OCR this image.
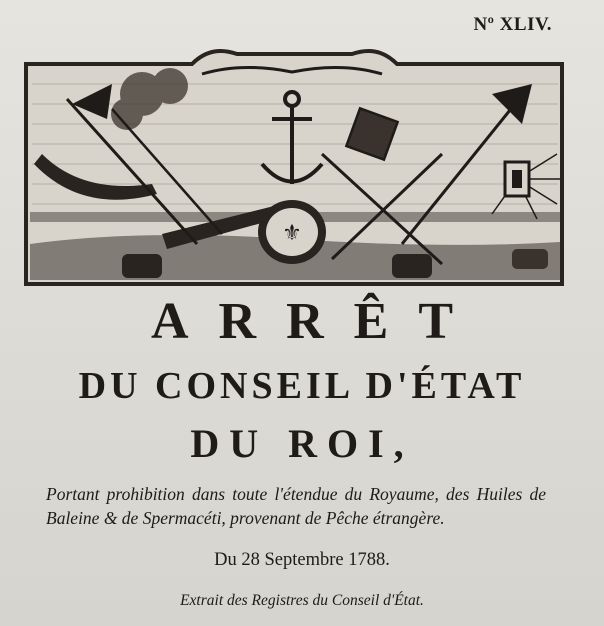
Nº XLIV.
⚜
ARRÊT
DU CONSEIL D'ÉTAT
DU ROI,
Portant prohibition dans toute l'étendue du Royaume, des Huiles de Baleine & de Spermacéti, provenant de Pêche étrangère.
Du 28 Septembre 1788.
Extrait des Registres du Conseil d'État.
